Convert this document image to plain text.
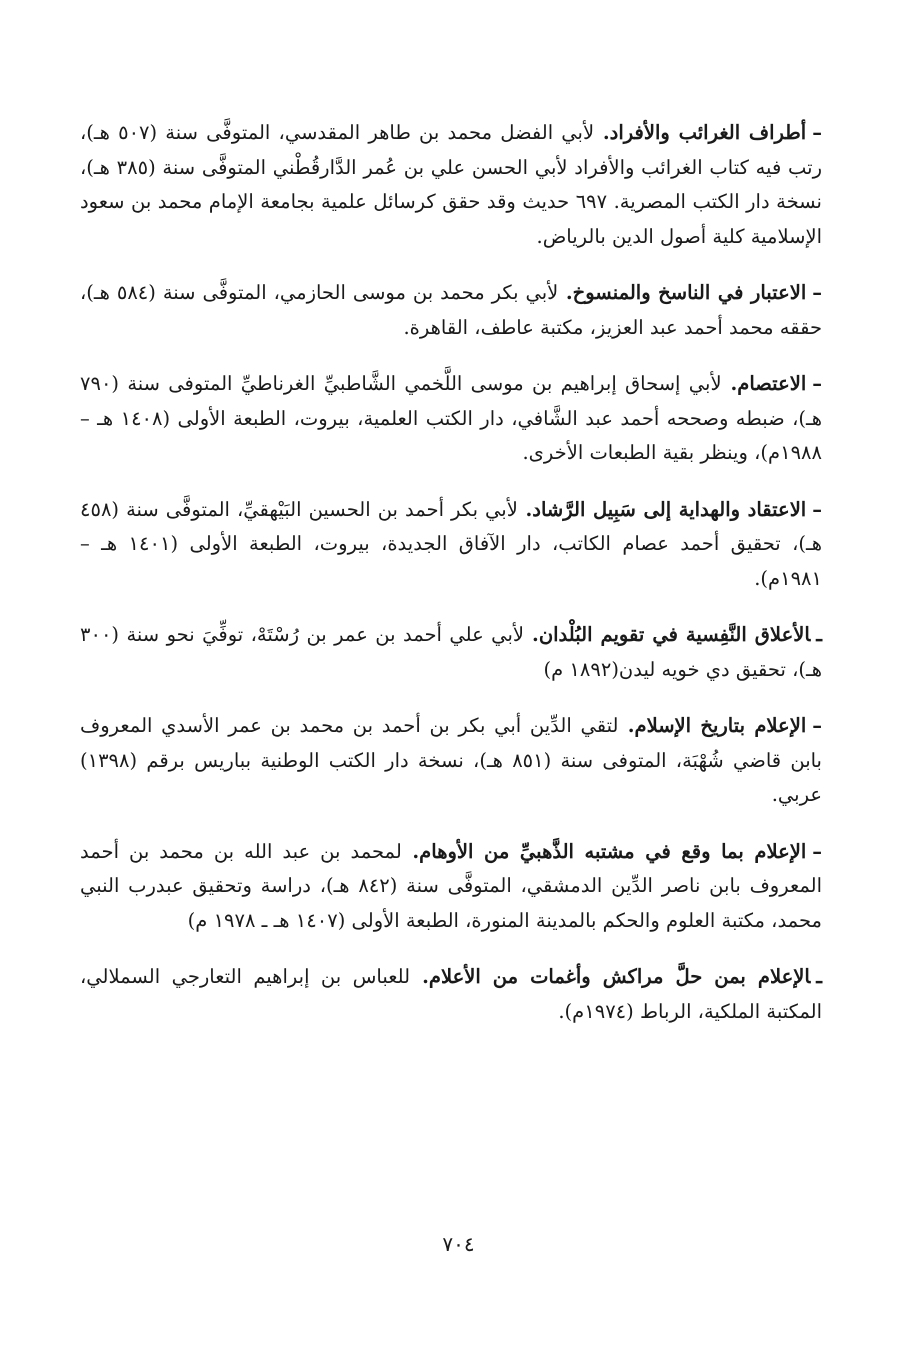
–أطراف الغرائب والأفراد.لأبي الفضل محمد بن طاهر المقدسي، المتوفَّى سنة (٥٠٧ هـ)، رتب فيه كتاب الغرائب والأفراد لأبي الحسن علي بن عُمر الدَّارقُطْني المتوفَّى سنة (٣٨٥ هـ)، نسخة دار الكتب المصرية. ٦٩٧ حديث وقد حقق كرسائل علمية بجامعة الإمام محمد بن سعود الإسلامية كلية أصول الدين بالرياض.

–الاعتبار في الناسخ والمنسوخ.لأبي بكر محمد بن موسى الحازمي، المتوفَّى سنة (٥٨٤ هـ)، حققه محمد أحمد عبد العزيز، مكتبة عاطف، القاهرة.

–الاعتصام.لأبي إسحاق إبراهيم بن موسى اللَّخمي الشَّاطبيِّ الغرناطيِّ المتوفى سنة (٧٩٠ هـ)، ضبطه وصححه أحمد عبد الشَّافي، دار الكتب العلمية، بيروت، الطبعة الأولى (١٤٠٨ هـ – ١٩٨٨م)، وينظر بقية الطبعات الأخرى.

–الاعتقاد والهداية إلى سَبِيل الرَّشاد.لأبي بكر أحمد بن الحسين البَيْهقيِّ، المتوفَّى سنة (٤٥٨ هـ)، تحقيق أحمد عصام الكاتب، دار الآفاق الجديدة، بيروت، الطبعة الأولى (١٤٠١ هـ – ١٩٨١م).

ـالأعلاق النَّفِسية في تقويم البُلْدان.لأبي علي أحمد بن عمر بن رُسْتَهْ، توفِّيَ نحو سنة (٣٠٠ هـ)، تحقيق دي خويه ليدن(١٨٩٢ م)

–الإعلام بتاريخ الإسلام.لتقي الدِّين أبي بكر بن أحمد بن محمد بن عمر الأسدي المعروف بابن قاضي شُهْبَة، المتوفى سنة (٨٥١ هـ)، نسخة دار الكتب الوطنية بباريس برقم (١٣٩٨) عربي.

–الإعلام بما وقع في مشتبه الذَّهبيِّ من الأوهام.لمحمد بن عبد الله بن محمد بن أحمد المعروف بابن ناصر الدِّين الدمشقي، المتوفَّى سنة (٨٤٢ هـ)، دراسة وتحقيق عبدرب النبي محمد، مكتبة العلوم والحكم بالمدينة المنورة، الطبعة الأولى (١٤٠٧ هـ ـ ١٩٧٨ م)

ـالإعلام بمن حلَّ مراكش وأغمات من الأعلام.للعباس بن إبراهيم التعارجي السملالي، المكتبة الملكية، الرباط (١٩٧٤م).

٧٠٤
